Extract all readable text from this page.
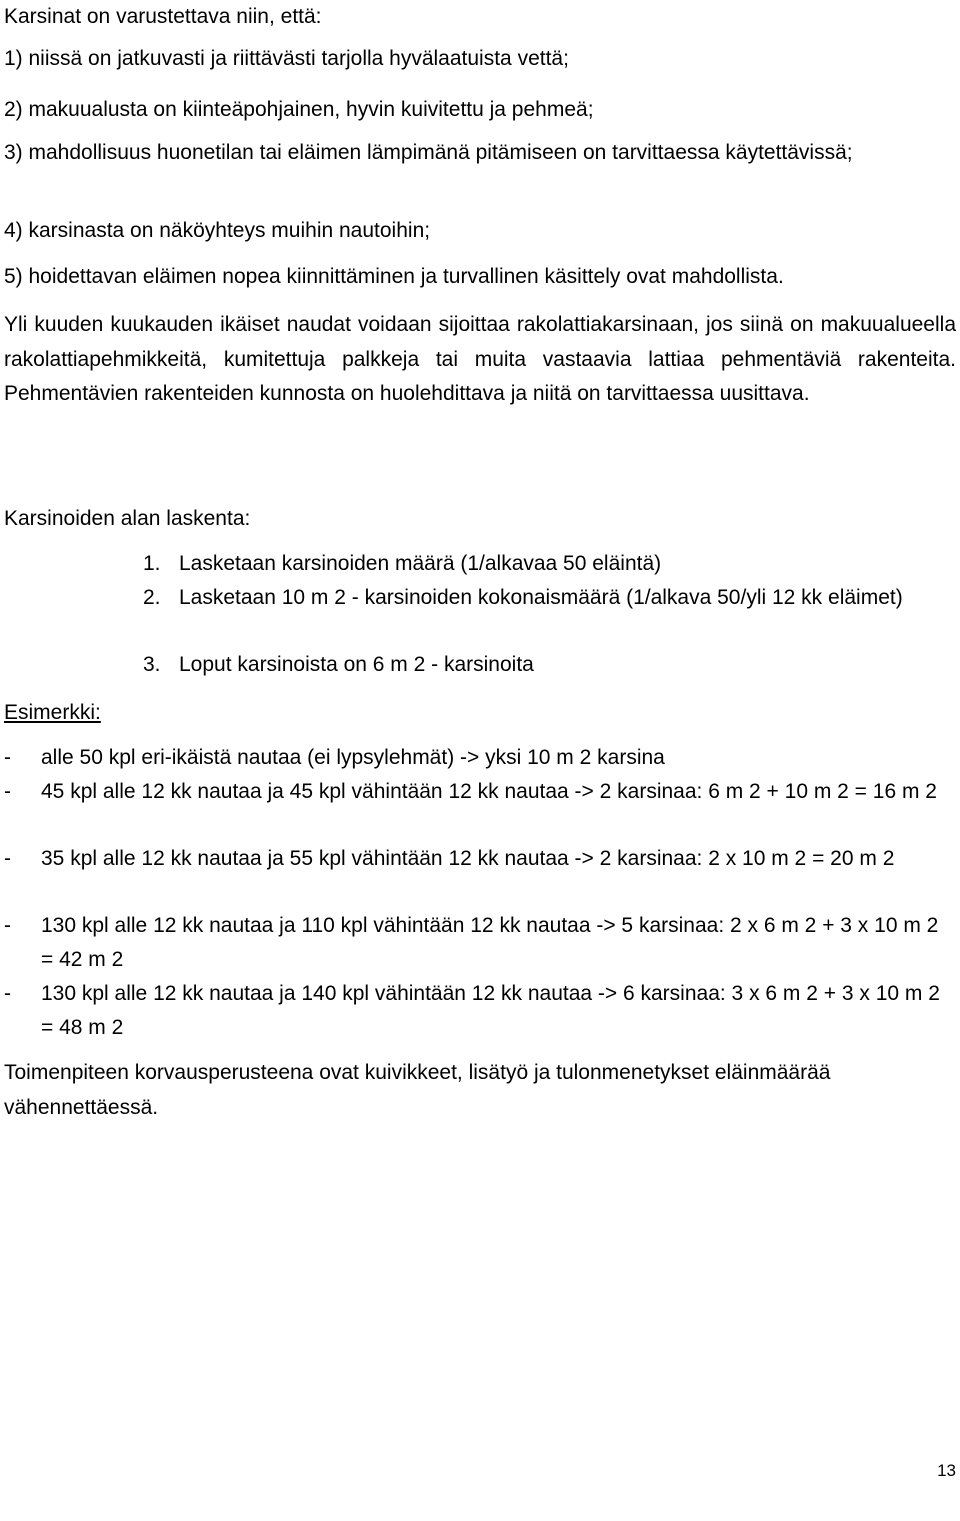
Karsinat on varustettava niin, että:
1) niissä on jatkuvasti ja riittävästi tarjolla hyvälaatuista vettä;
2) makuualusta on kiinteäpohjainen, hyvin kuivitettu ja pehmeä;
3) mahdollisuus huonetilan tai eläimen lämpimänä pitämiseen on tarvittaessa käytettävissä;
4) karsinasta on näköyhteys muihin nautoihin;
5) hoidettavan eläimen nopea kiinnittäminen ja turvallinen käsittely ovat mahdollista.
Yli kuuden kuukauden ikäiset naudat voidaan sijoittaa rakolattiakarsinaan, jos siinä on makuualueella rakolattiapehmikkeitä, kumitettuja palkkeja tai muita vastaavia lattiaa pehmentäviä rakenteita. Pehmentävien rakenteiden kunnosta on huolehdittava ja niitä on tarvittaessa uusittava.
Karsinoiden alan laskenta:
1. Lasketaan karsinoiden määrä (1/alkavaa 50 eläintä)
2. Lasketaan 10 m 2 - karsinoiden kokonaismäärä (1/alkava 50/yli 12 kk eläimet)
3. Loput karsinoista on 6 m 2 - karsinoita
Esimerkki:
- alle 50 kpl eri-ikäistä nautaa (ei lypsylehmät) -> yksi 10 m 2 karsina
- 45 kpl alle 12 kk nautaa ja 45 kpl vähintään 12 kk nautaa -> 2 karsinaa: 6 m 2 + 10 m 2 = 16 m 2
- 35 kpl alle 12 kk nautaa ja 55 kpl vähintään 12 kk nautaa -> 2 karsinaa: 2 x 10 m 2 = 20 m 2
- 130 kpl alle 12 kk nautaa ja 110 kpl vähintään 12 kk nautaa -> 5 karsinaa: 2 x 6 m 2 + 3 x 10 m 2 = 42 m 2
- 130 kpl alle 12 kk nautaa ja 140 kpl vähintään 12 kk nautaa -> 6 karsinaa: 3 x 6 m 2 + 3 x 10 m 2 = 48 m 2
Toimenpiteen korvausperusteena ovat kuivikkeet, lisätyö ja tulonmenetykset eläinmäärää vähennettäessä.
13
